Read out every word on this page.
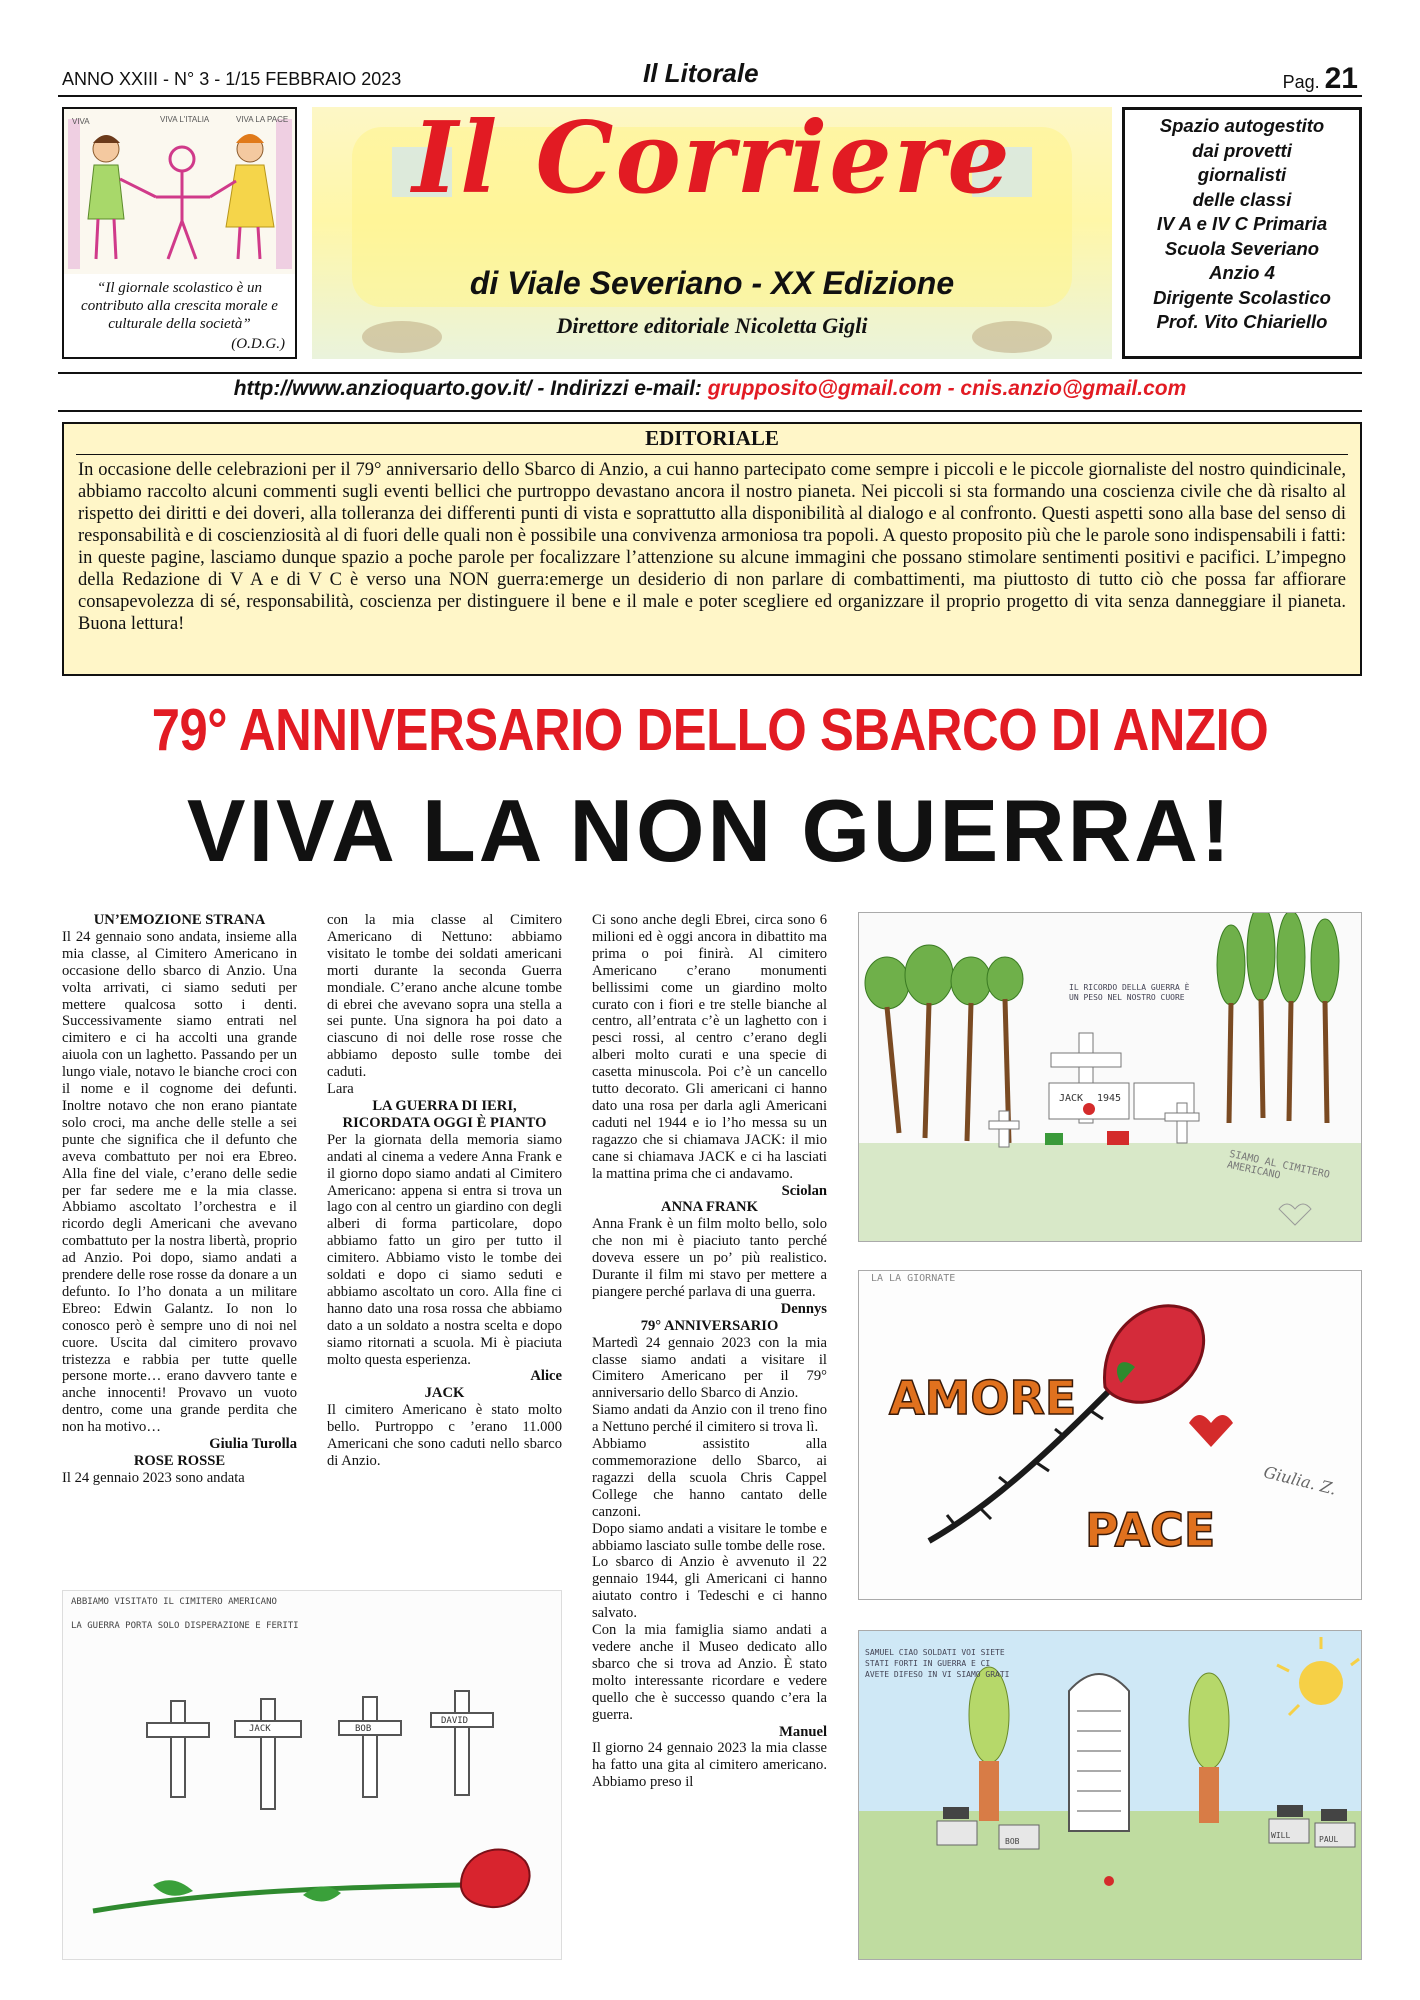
ANNO XXIII - N° 3 - 1/15 FEBBRAIO 2023	Il Litorale	Pag. 21
VIVA	VIVA L'ITALIA	VIVA LA PACE
“Il giornale scolastico è un contributo alla crescita morale e culturale della società”
(O.D.G.)
Il Corriere
di Viale Severiano - XX Edizione
Direttore editoriale Nicoletta Gigli
Spazio autogestito
dai provetti
giornalisti
delle classi
IV A e IV C Primaria
Scuola Severiano
Anzio 4
Dirigente Scolastico
Prof. Vito Chiariello
http://www.anzioquarto.gov.it/ - Indirizzi e-mail: grupposito@gmail.com - cnis.anzio@gmail.com
EDITORIALE
In occasione delle celebrazioni per il 79° anniversario dello Sbarco di Anzio, a cui hanno partecipato come sempre i piccoli e le piccole giornaliste del nostro quindicinale, abbiamo raccolto alcuni commenti sugli eventi bellici che purtroppo devastano ancora il nostro pianeta. Nei piccoli si sta formando una coscienza civile che dà risalto al rispetto dei diritti e dei doveri, alla tolleranza dei differenti punti di vista e soprattutto alla disponibilità al dialogo e al confronto. Questi aspetti sono alla base del senso di responsabilità e di coscienziosità al di fuori delle quali non è possibile una convivenza armoniosa tra popoli. A questo proposito più che le parole sono indispensabili i fatti: in queste pagine, lasciamo dunque spazio a poche parole per focalizzare l’attenzione su alcune immagini che possano stimolare sentimenti positivi e pacifici. L’impegno della Redazione di V A e di V C è verso una NON guerra:emerge un desiderio di non parlare di combattimenti, ma piuttosto di tutto ciò che possa far affiorare consapevolezza di sé, responsabilità, coscienza per distinguere il bene e il male e poter scegliere ed organizzare il proprio progetto di vita senza danneggiare il pianeta. Buona lettura!
79° ANNIVERSARIO DELLO SBARCO DI ANZIO
VIVA LA NON GUERRA!

UN’EMOZIONE STRANA

Il 24 gennaio sono andata, insieme alla mia classe, al Cimitero Americano in occasione dello sbarco di Anzio. Una volta arrivati, ci siamo seduti per mettere qualcosa sotto i denti. Successivamente siamo entrati nel cimitero e ci ha accolti una grande aiuola con un laghetto. Passando per un lungo viale, notavo le bianche croci con il nome e il cognome dei defunti. Inoltre notavo che non erano piantate solo croci, ma anche delle stelle a sei punte che significa che il defunto che aveva combattuto per noi era Ebreo. Alla fine del viale, c’erano delle sedie per far sedere me e la mia classe. Abbiamo ascoltato l’orchestra e il ricordo degli Americani che avevano combattuto per la nostra libertà, proprio ad Anzio. Poi dopo, siamo andati a prendere delle rose rosse da donare a un defunto. Io l’ho donata a un militare Ebreo: Edwin Galantz. Io non lo conosco però è sempre uno di noi nel cuore. Uscita dal cimitero provavo tristezza e rabbia per tutte quelle persone morte… erano davvero tante e anche innocenti! Provavo un vuoto dentro, come una grande perdita che non ha motivo…

Giulia Turolla

ROSE ROSSE

Il 24 gennaio 2023 sono andata

con la mia classe al Cimitero Americano di Nettuno: abbiamo visitato le tombe dei soldati americani morti durante la seconda Guerra mondiale. C’erano anche alcune tombe di ebrei che avevano sopra una stella a sei punte. Una signora ha poi dato a ciascuno di noi delle rose rosse che abbiamo deposto sulle tombe dei caduti.

Lara

LA GUERRA DI IERI, RICORDATA OGGI È PIANTO

Per la giornata della memoria siamo andati al cinema a vedere Anna Frank e il giorno dopo siamo andati al Cimitero Americano: appena si entra si trova un lago con al centro un giardino con degli alberi di forma particolare, dopo abbiamo fatto un giro per tutto il cimitero. Abbiamo visto le tombe dei soldati e dopo ci siamo seduti e abbiamo ascoltato un coro. Alla fine ci hanno dato una rosa rossa che abbiamo dato a un soldato a nostra scelta e dopo siamo ritornati a scuola. Mi è piaciuta molto questa esperienza.

Alice

JACK

Il cimitero Americano è stato molto bello. Purtroppo c ’erano 11.000 Americani che sono caduti nello sbarco di Anzio.

Ci sono anche degli Ebrei, circa sono 6 milioni ed è oggi ancora in dibattito ma prima o poi finirà. Al cimitero Americano c’erano monumenti bellissimi come un giardino molto curato con i fiori e tre stelle bianche al centro, all’entrata c’è un laghetto con i pesci rossi, al centro c’erano degli alberi molto curati e una specie di casetta minuscola. Poi c’è un cancello tutto decorato. Gli americani ci hanno dato una rosa per darla agli Americani caduti nel 1944 e io l’ho messa su un ragazzo che si chiamava JACK: il mio cane si chiamava JACK e ci ha lasciati la mattina prima che ci andavamo.

Sciolan

ANNA FRANK

Anna Frank è un film molto bello, solo che non mi è piaciuto tanto perché doveva essere un po’ più realistico. Durante il film mi stavo per mettere a piangere perché parlava di una guerra.

Dennys

79° ANNIVERSARIO

Martedì 24 gennaio 2023 con la mia classe siamo andati a visitare il Cimitero Americano per il 79° anniversario dello Sbarco di Anzio.

Siamo andati da Anzio con il treno fino a Nettuno perché il cimitero si trova lì.

Abbiamo assistito alla commemorazione dello Sbarco, ai ragazzi della scuola Chris Cappel College che hanno cantato delle canzoni.

Dopo siamo andati a visitare le tombe e abbiamo lasciato sulle tombe delle rose.

Lo sbarco di Anzio è avvenuto il 22 gennaio 1944, gli Americani ci hanno aiutato contro i Tedeschi e ci hanno salvato.

Con la mia famiglia siamo andati a vedere anche il Museo dedicato allo sbarco che si trova ad Anzio. È stato molto interessante ricordare e vedere quello che è successo quando c’era la guerra.

Manuel

Il giorno 24 gennaio 2023 la mia classe ha fatto una gita al cimitero americano. Abbiamo preso il

IL RICORDO DELLA GUERRA È UN PESO NEL NOSTRO CUORE
JACK 1945
SIAMO AL CIMITERO AMERICANO
LA LA GIORNATE
AMORE
PACE
Giulia. Z.
SAMUEL CIAO SOLDATI VOI SIETE STATI FORTI IN GUERRA E CI AVETE DIFESO IN VI SIAMO GRATI
BOB
WILL	PAUL
ABBIAMO VISITATO IL CIMITERO AMERICANO
LA GUERRA PORTA SOLO DISPERAZIONE E FERITI
JACK	BOB
DAVID
